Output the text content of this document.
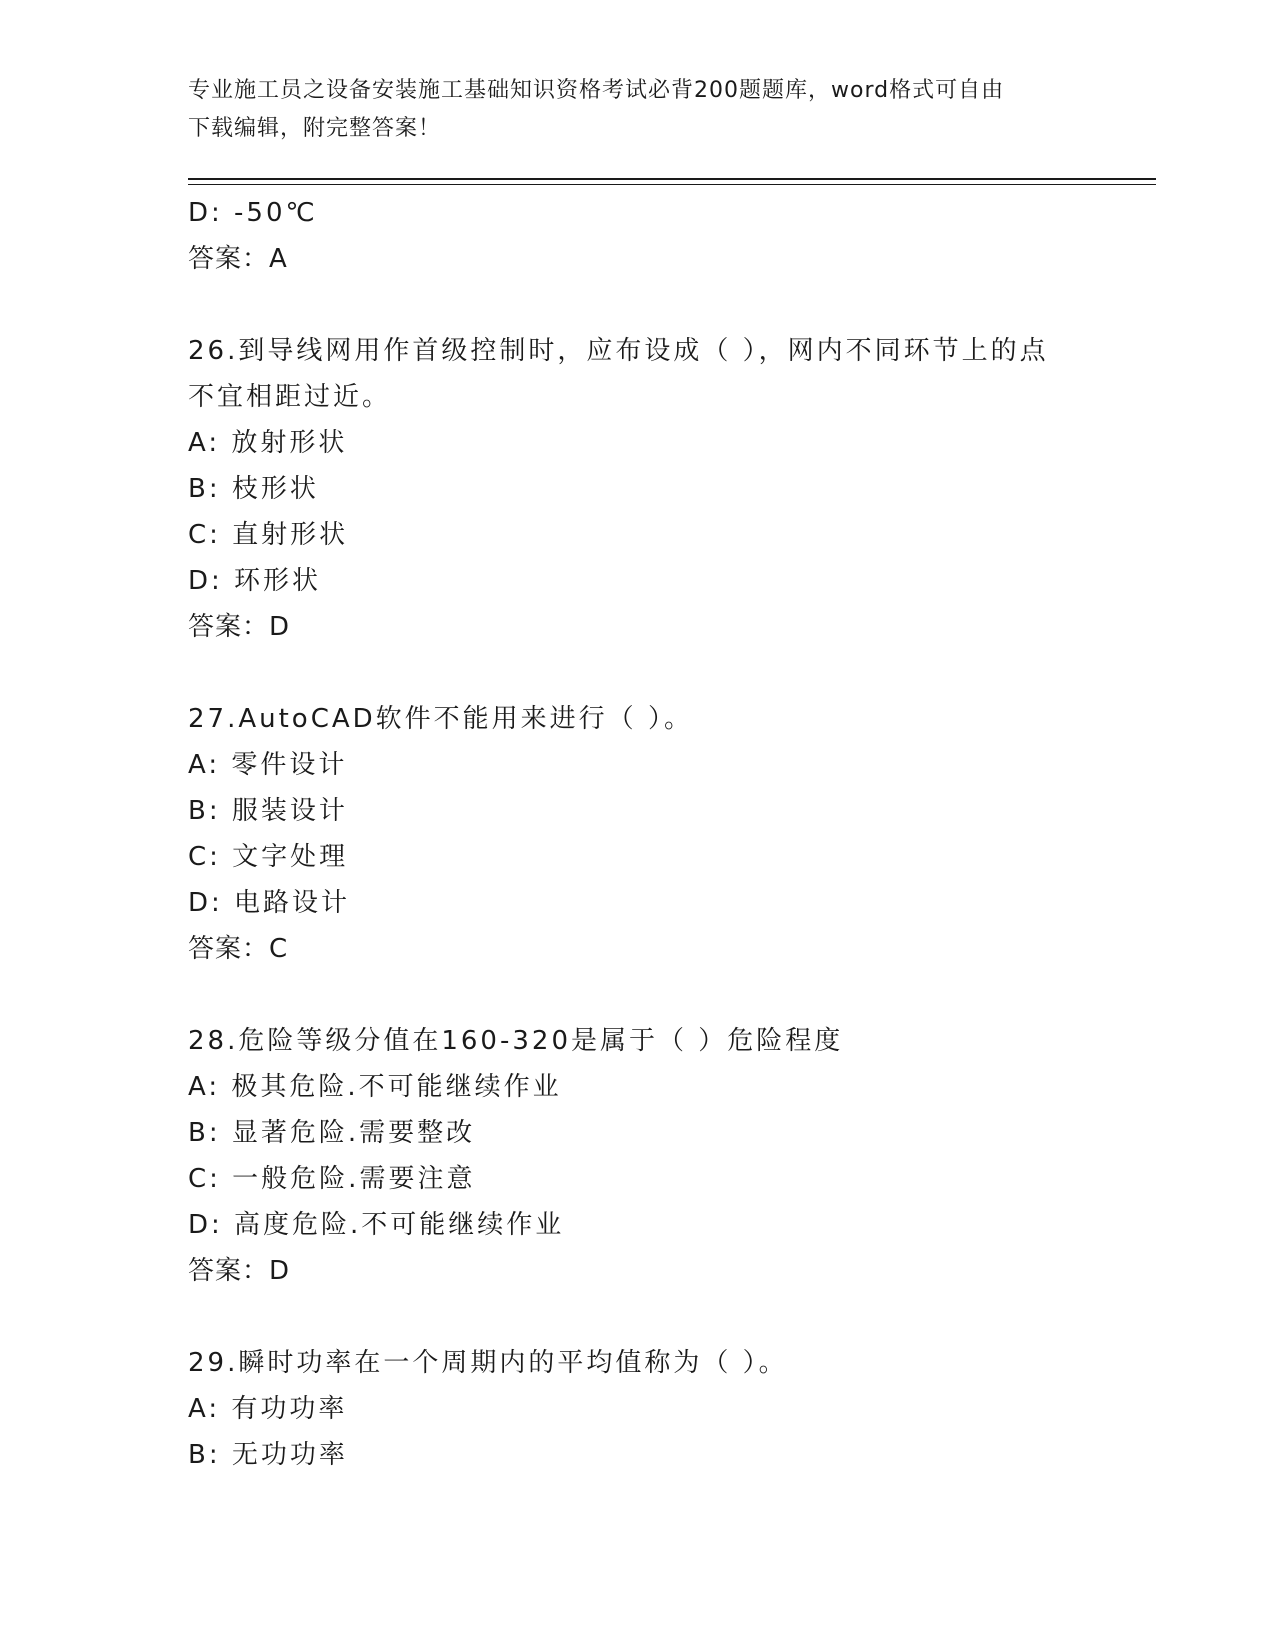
专业施工员之设备安装施工基础知识资格考试必背200题题库，word格式可自由
下载编辑，附完整答案！
D: -50℃
答案：A
26.到导线网用作首级控制时，应布设成（ ），网内不同环节上的点
不宜相距过近。
A: 放射形状
B: 枝形状
C: 直射形状
D: 环形状
答案：D
27.AutoCAD软件不能用来进行（ ）。
A: 零件设计
B: 服装设计
C: 文字处理
D: 电路设计
答案：C
28.危险等级分值在160-320是属于（ ）危险程度
A: 极其危险.不可能继续作业
B: 显著危险.需要整改
C: 一般危险.需要注意
D: 高度危险.不可能继续作业
答案：D
29.瞬时功率在一个周期内的平均值称为（ ）。
A: 有功功率
B: 无功功率
